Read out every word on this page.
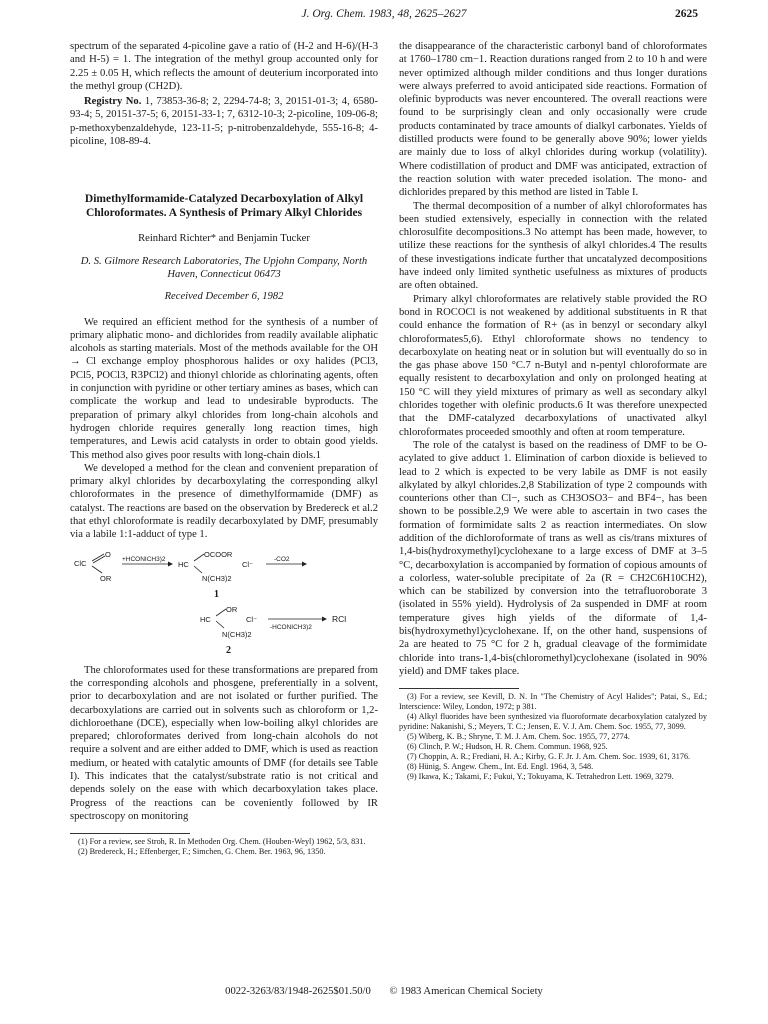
J. Org. Chem. 1983, 48, 2625–2627	2625

spectrum of the separated 4-picoline gave a ratio of (H-2 and H-6)/(H-3 and H-5) = 1. The integration of the methyl group accounted only for 2.25 ± 0.05 H, which reflects the amount of deuterium incorporated into the methyl group (CH2D).

Registry No. 1, 73853-36-8; 2, 2294-74-8; 3, 20151-01-3; 4, 6580-93-4; 5, 20151-37-5; 6, 20151-33-1; 7, 6312-10-3; 2-picoline, 109-06-8; p-methoxybenzaldehyde, 123-11-5; p-nitrobenzaldehyde, 555-16-8; 4-picoline, 108-89-4.

Dimethylformamide-Catalyzed Decarboxylation of Alkyl Chloroformates. A Synthesis of Primary Alkyl Chlorides
Reinhard Richter* and Benjamin Tucker
D. S. Gilmore Research Laboratories, The Upjohn Company, North Haven, Connecticut 06473
Received December 6, 1982

We required an efficient method for the synthesis of a number of primary aliphatic mono- and dichlorides from readily available aliphatic alcohols as starting materials. Most of the methods available for the OH → Cl exchange employ phosphorous halides or oxy halides (PCl3, PCl5, POCl3, R3PCl2) and thionyl chloride as chlorinating agents, often in conjunction with pyridine or other tertiary amines as bases, which can complicate the workup and lead to undesirable byproducts. The preparation of primary alkyl chlorides from long-chain alcohols and hydrogen chloride requires generally long reaction times, high temperatures, and Lewis acid catalysts in order to obtain good yields. This method also gives poor results with long-chain diols.1

We developed a method for the clean and convenient preparation of primary alkyl chlorides by decarboxylating the corresponding alkyl chloroformates in the presence of dimethylformamide (DMF) as catalyst. The reactions are based on the observation by Bredereck et al.2 that ethyl chloroformate is readily decarboxylated by DMF, presumably via a labile 1:1-adduct of type 1.

ClC
O
OR
+HCONICH3)2
HC
OCOOR
Cl⁻
-CO2
N(CH3)2
1
OR
HC	Cl⁻
-HCONICH3)2
RCl
N(CH3)2
2

The chloroformates used for these transformations are prepared from the corresponding alcohols and phosgene, preferentially in a solvent, prior to decarboxylation and are not isolated or further purified. The decarboxylations are carried out in solvents such as chloroform or 1,2-dichloroethane (DCE), especially when low-boiling alkyl chlorides are prepared; chloroformates derived from long-chain alcohols do not require a solvent and are either added to DMF, which is used as reaction medium, or heated with catalytic amounts of DMF (for details see Table I). This indicates that the catalyst/substrate ratio is not critical and depends solely on the ease with which decarboxylation takes place. Progress of the reactions can be coveniently followed by IR spectroscopy on monitoring

(1) For a review, see Stroh, R. In Methoden Org. Chem. (Houben-Weyl) 1962, 5/3, 831.

(2) Bredereck, H.; Effenberger, F.; Simchen, G. Chem. Ber. 1963, 96, 1350.

the disappearance of the characteristic carbonyl band of chloroformates at 1760–1780 cm−1. Reaction durations ranged from 2 to 10 h and were never optimized although milder conditions and thus longer durations were always preferred to avoid anticipated side reactions. Formation of olefinic byproducts was never encountered. The overall reactions were found to be surprisingly clean and only occasionally were crude products contaminated by trace amounts of dialkyl carbonates. Yields of distilled products were found to be generally above 90%; lower yields are mainly due to loss of alkyl chlorides during workup (volatility). Where codistillation of product and DMF was anticipated, extraction of the reaction solution with water preceded isolation. The mono- and dichlorides prepared by this method are listed in Table I.

The thermal decomposition of a number of alkyl chloroformates has been studied extensively, especially in connection with the related chlorosulfite decompositions.3 No attempt has been made, however, to utilize these reactions for the synthesis of alkyl chlorides.4 The results of these investigations indicate further that uncatalyzed decompositions have indeed only limited synthetic usefulness as mixtures of products are often obtained.

Primary alkyl chloroformates are relatively stable provided the RO bond in ROCOCl is not weakened by additional substituents in R that could enhance the formation of R+ (as in benzyl or secondary alkyl chloroformates5,6). Ethyl chloroformate shows no tendency to decarboxylate on heating neat or in solution but will eventually do so in the gas phase above 150 °C.7 n-Butyl and n-pentyl chloroformate are equally resistent to decarboxylation and only on prolonged heating at 150 °C will they yield mixtures of primary as well as secondary alkyl chlorides together with olefinic products.6 It was therefore unexpected that the DMF-catalyzed decarboxylations of unactivated alkyl chloroformates proceeded smoothly and often at room temperature.

The role of the catalyst is based on the readiness of DMF to be O-acylated to give adduct 1. Elimination of carbon dioxide is believed to lead to 2 which is expected to be very labile as DMF is not easily alkylated by alkyl chlorides.2,8 Stabilization of type 2 compounds with counterions other than Cl−, such as CH3OSO3− and BF4−, has been shown to be possible.2,9 We were able to ascertain in two cases the formation of formimidate salts 2 as reaction intermediates. On slow addition of the dichloroformate of trans as well as cis/trans mixtures of 1,4-bis(hydroxymethyl)cyclohexane to a large excess of DMF at 3–5 °C, decarboxylation is accompanied by formation of copious amounts of a colorless, water-soluble precipitate of 2a (R = CH2C6H10CH2), which can be stabilized by conversion into the tetrafluoroborate 3 (isolated in 55% yield). Hydrolysis of 2a suspended in DMF at room temperature gives high yields of the diformate of 1,4-bis(hydroxymethyl)cyclohexane. If, on the other hand, suspensions of 2a are heated to 75 °C for 2 h, gradual cleavage of the formimidate chloride into trans-1,4-bis(chloromethyl)cyclohexane (isolated in 90% yield) and DMF takes place.

(3) For a review, see Kevill, D. N. In "The Chemistry of Acyl Halides"; Patai, S., Ed.; Interscience: Wiley, London, 1972; p 381.

(4) Alkyl fluorides have been synthesized via fluoroformate decarboxylation catalyzed by pyridine: Nakanishi, S.; Meyers, T. C.; Jensen, E. V. J. Am. Chem. Soc. 1955, 77, 3099.

(5) Wiberg, K. B.; Shryne, T. M. J. Am. Chem. Soc. 1955, 77, 2774.

(6) Clinch, P. W.; Hudson, H. R. Chem. Commun. 1968, 925.

(7) Choppin, A. R.; Frediani, H. A.; Kirby, G. F. Jr. J. Am. Chem. Soc. 1939, 61, 3176.

(8) Hünig, S. Angew. Chem., Int. Ed. Engl. 1964, 3, 548.

(9) Ikawa, K.; Takami, F.; Fukui, Y.; Tokuyama, K. Tetrahedron Lett. 1969, 3279.

0022-3263/83/1948-2625$01.50/0 © 1983 American Chemical Society
